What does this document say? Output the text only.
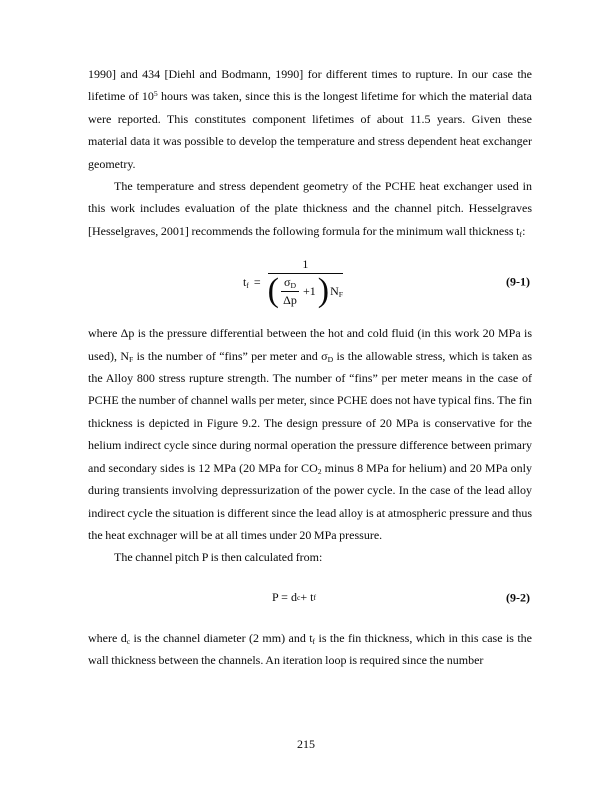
1990] and 434 [Diehl and Bodmann, 1990] for different times to rupture. In our case the lifetime of $10^5$ hours was taken, since this is the longest lifetime for which the material data were reported. This constitutes component lifetimes of about 11.5 years. Given these material data it was possible to develop the temperature and stress dependent heat exchanger geometry.

The temperature and stress dependent geometry of the PCHE heat exchanger used in this work includes evaluation of the plate thickness and the channel pitch. Hesselgraves [Hesselgraves, 2001] recommends the following formula for the minimum wall thickness $t_f$:

$t_f$ =
1
( $\frac{\sigma_D}{\Delta p} +1$ ) $N_F$
(9-1)

where Δp is the pressure differential between the hot and cold fluid (in this work 20 MPa is used), $N_F$ is the number of “fins” per meter and $\sigma_D$ is the allowable stress, which is taken as the Alloy 800 stress rupture strength. The number of “fins” per meter means in the case of PCHE the number of channel walls per meter, since PCHE does not have typical fins. The fin thickness is depicted in Figure 9.2. The design pressure of 20 MPa is conservative for the helium indirect cycle since during normal operation the pressure difference between primary and secondary sides is 12 MPa (20 MPa for $CO_2$ minus 8 MPa for helium) and 20 MPa only during transients involving depressurization of the power cycle. In the case of the lead alloy indirect cycle the situation is different since the lead alloy is at atmospheric pressure and thus the heat exchnager will be at all times under 20 MPa pressure.

The channel pitch P is then calculated from:

P = d c + t f	(9-2)

where $d_c$ is the channel diameter (2 mm) and $t_f$ is the fin thickness, which in this case is the wall thickness between the channels. An iteration loop is required since the number

215
